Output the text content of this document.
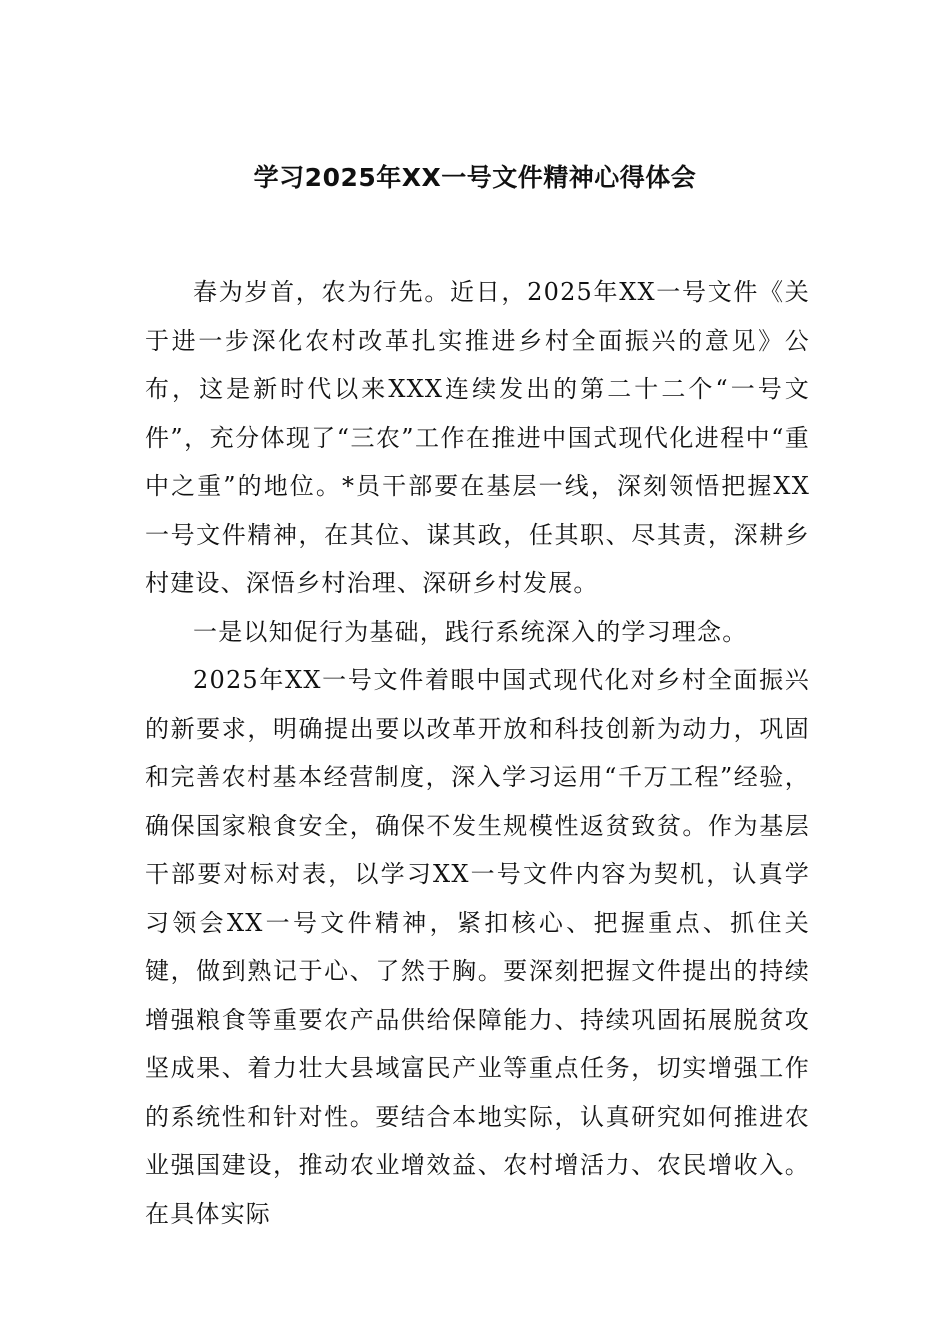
学习2025年XX一号文件精神心得体会

春为岁首，农为行先。近日，2025年XX一号文件《关于进一步深化农村改革扎实推进乡村全面振兴的意见》公布，这是新时代以来XXX连续发出的第二十二个“一号文件”，充分体现了“三农”工作在推进中国式现代化进程中“重中之重”的地位。*员干部要在基层一线，深刻领悟把握XX一号文件精神，在其位、谋其政，任其职、尽其责，深耕乡村建设、深悟乡村治理、深研乡村发展。

一是以知促行为基础，践行系统深入的学习理念。

2025年XX一号文件着眼中国式现代化对乡村全面振兴的新要求，明确提出要以改革开放和科技创新为动力，巩固和完善农村基本经营制度，深入学习运用“千万工程”经验，确保国家粮食安全，确保不发生规模性返贫致贫。作为基层干部要对标对表，以学习XX一号文件内容为契机，认真学习领会XX一号文件精神，紧扣核心、把握重点、抓住关键，做到熟记于心、了然于胸。要深刻把握文件提出的持续增强粮食等重要农产品供给保障能力、持续巩固拓展脱贫攻坚成果、着力壮大县域富民产业等重点任务，切实增强工作的系统性和针对性。要结合本地实际，认真研究如何推进农业强国建设，推动农业增效益、农村增活力、农民增收入。在具体实际
